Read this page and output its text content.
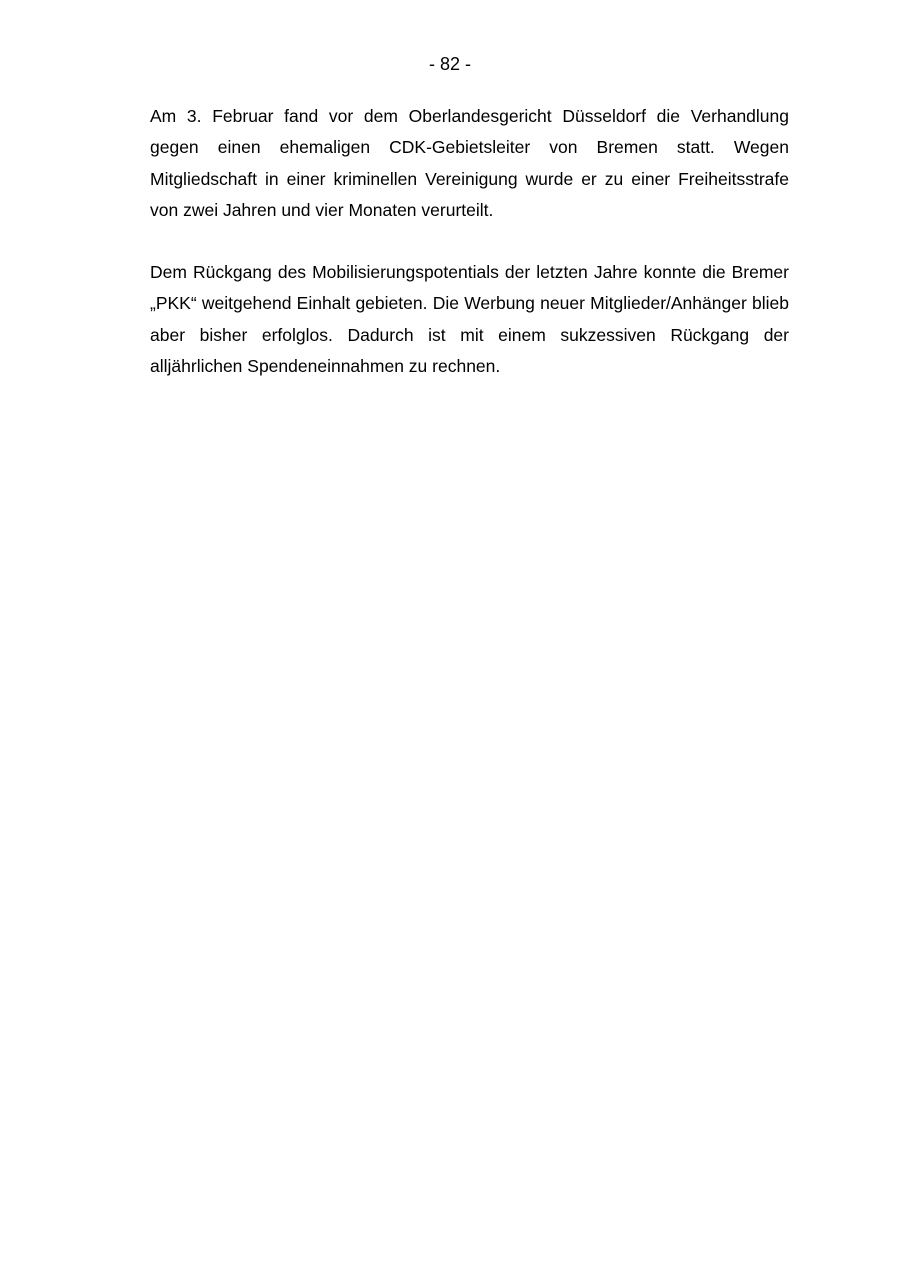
- 82 -

Am 3. Februar fand vor dem Oberlandesgericht Düsseldorf die Verhandlung gegen einen ehemaligen CDK-Gebietsleiter von Bremen statt. Wegen Mitgliedschaft in einer kriminellen Vereinigung wurde er zu einer Freiheitsstrafe von zwei Jahren und vier Monaten verurteilt.

Dem Rückgang des Mobilisierungspotentials der letzten Jahre konnte die Bremer „PKK“ weitgehend Einhalt gebieten. Die Werbung neuer Mitglieder/Anhänger blieb aber bisher erfolglos. Dadurch ist mit einem sukzessiven Rückgang der alljährlichen Spendeneinnahmen zu rechnen.
